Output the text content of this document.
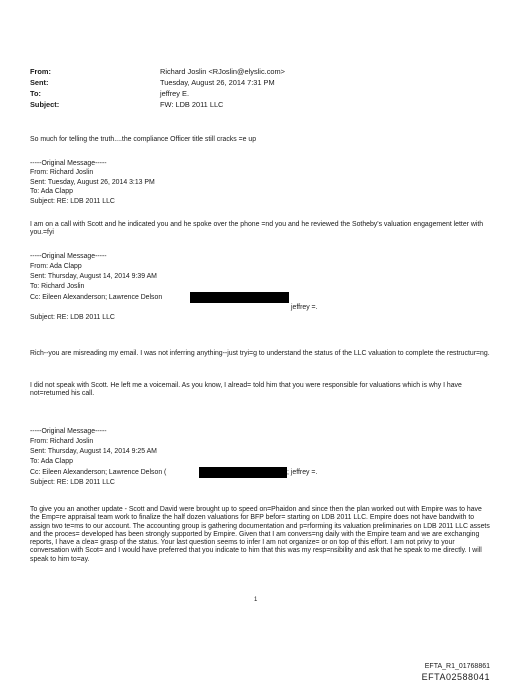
From:	Richard Joslin <RJoslin@elyslic.com>
Sent:	Tuesday, August 26, 2014 7:31 PM
To:	jeffrey E.
Subject:	FW: LDB 2011 LLC
So much for telling the truth....the compliance Officer title still cracks =e up
-----Original Message-----
From: Richard Joslin
Sent: Tuesday, August 26, 2014 3:13 PM
To: Ada Clapp
Subject: RE: LDB 2011 LLC
I am on a call with Scott and he indicated you and he spoke over the phone =nd you and he reviewed the Sotheby's valuation engagement letter with you.=fyi
-----Original Message-----
From: Ada Clapp
Sent: Thursday, August 14, 2014 9:39 AM
To: Richard Joslin
Cc: Eileen Alexanderson; Lawrence Delson
jeffrey =.
Subject: RE: LDB 2011 LLC
Rich--you are misreading my email. I was not inferring anything--just tryi=g to understand the status of the LLC valuation to complete the restructur=ng.
I did not speak with Scott. He left me a voicemail. As you know, I alread= told him that you were responsible for valuations which is why I have not=returned his call.
-----Original Message-----
From: Richard Joslin
Sent: Thursday, August 14, 2014 9:25 AM
To: Ada Clapp
Cc: Eileen Alexanderson; Lawrence Delson (	; jeffrey =.
Subject: RE: LDB 2011 LLC
To give you an another update - Scott and David were brought up to speed on=Phaidon and since then the plan worked out with Empire was to have the Emp=re appraisal team work to finalize the half dozen valuations for BFP befor= starting on LDB 2011 LLC. Empire does not have bandwith to assign two te=ms to our account. The accounting group is gathering documentation and p=rforming its valuation preliminaries on LDB 2011 LLC assets and the proces= developed has been strongly supported by Empire. Given that I am convers=ng daily with the Empire team and we are exchanging reports, I have a clea= grasp of the status. Your last question seems to infer I am not organize= or on top of this effort. I am not privy to your conversation with Scot= and I would have preferred that you indicate to him that this was my resp=nsibility and ask that he speak to me directly. I will speak to him to=ay.
1
EFTA_R1_01768861
EFTA02588041
